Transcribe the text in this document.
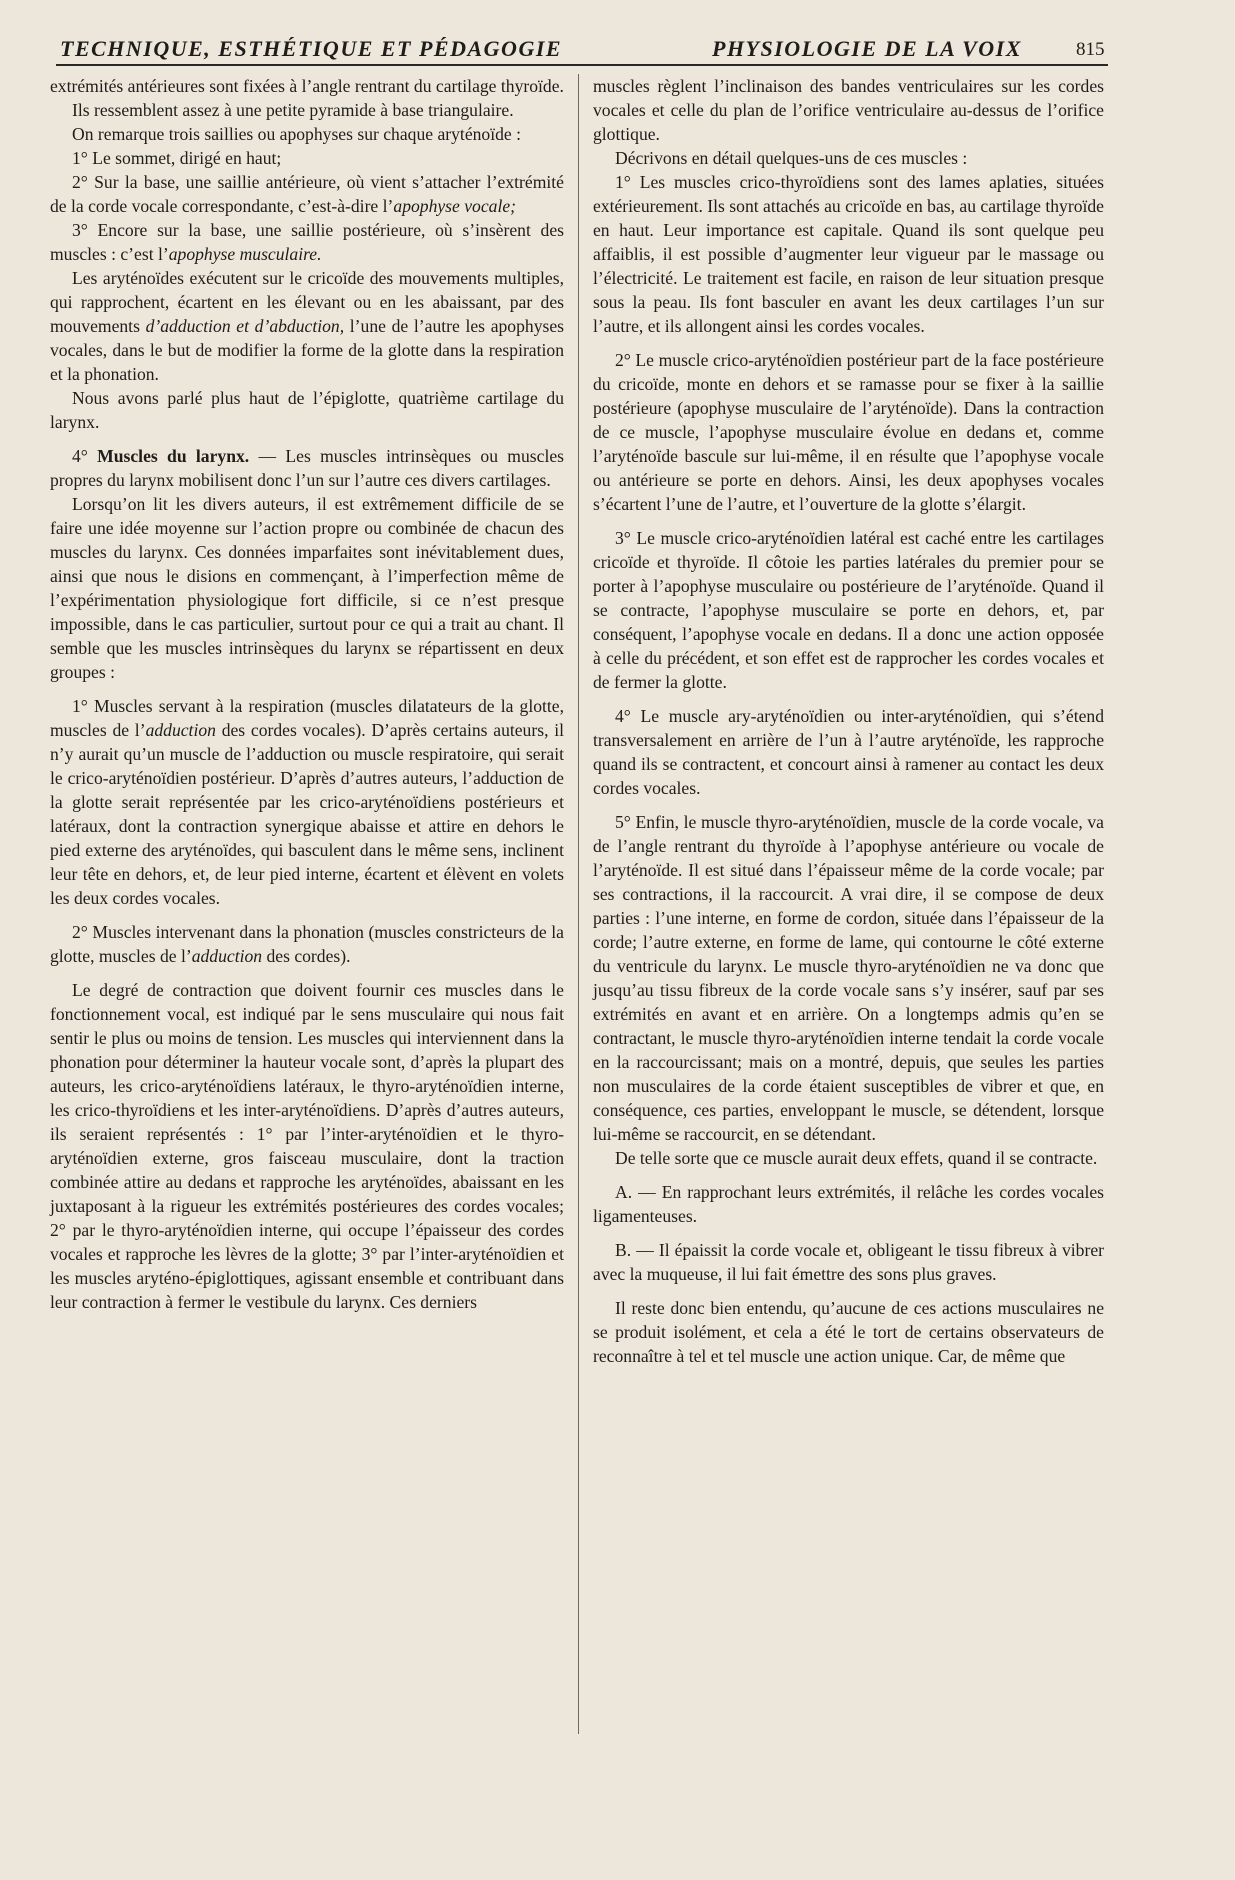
TECHNIQUE, ESTHÉTIQUE ET PÉDAGOGIE	PHYSIOLOGIE DE LA VOIX	815

extrémités antérieures sont fixées à l’angle rentrant du cartilage thyroïde.

Ils ressemblent assez à une petite pyramide à base triangulaire.

On remarque trois saillies ou apophyses sur chaque aryténoïde :

1° Le sommet, dirigé en haut;

2° Sur la base, une saillie antérieure, où vient s’attacher l’extrémité de la corde vocale correspondante, c’est-à-dire l’apophyse vocale;

3° Encore sur la base, une saillie postérieure, où s’insèrent des muscles : c’est l’apophyse musculaire.

Les aryténoïdes exécutent sur le cricoïde des mouvements multiples, qui rapprochent, écartent en les élevant ou en les abaissant, par des mouvements d’adduction et d’abduction, l’une de l’autre les apophyses vocales, dans le but de modifier la forme de la glotte dans la respiration et la phonation.

Nous avons parlé plus haut de l’épiglotte, quatrième cartilage du larynx.

4° Muscles du larynx. — Les muscles intrinsèques ou muscles propres du larynx mobilisent donc l’un sur l’autre ces divers cartilages.

Lorsqu’on lit les divers auteurs, il est extrêmement difficile de se faire une idée moyenne sur l’action propre ou combinée de chacun des muscles du larynx. Ces données imparfaites sont inévitablement dues, ainsi que nous le disions en commençant, à l’imperfection même de l’expérimentation physiologique fort difficile, si ce n’est presque impossible, dans le cas particulier, surtout pour ce qui a trait au chant. Il semble que les muscles intrinsèques du larynx se répartissent en deux groupes :

1° Muscles servant à la respiration (muscles dilatateurs de la glotte, muscles de l’adduction des cordes vocales). D’après certains auteurs, il n’y aurait qu’un muscle de l’adduction ou muscle respiratoire, qui serait le crico-aryténoïdien postérieur. D’après d’autres auteurs, l’adduction de la glotte serait représentée par les crico-aryténoïdiens postérieurs et latéraux, dont la contraction synergique abaisse et attire en dehors le pied externe des aryténoïdes, qui basculent dans le même sens, inclinent leur tête en dehors, et, de leur pied interne, écartent et élèvent en volets les deux cordes vocales.

2° Muscles intervenant dans la phonation (muscles constricteurs de la glotte, muscles de l’adduction des cordes).

Le degré de contraction que doivent fournir ces muscles dans le fonctionnement vocal, est indiqué par le sens musculaire qui nous fait sentir le plus ou moins de tension. Les muscles qui interviennent dans la phonation pour déterminer la hauteur vocale sont, d’après la plupart des auteurs, les crico-aryténoïdiens latéraux, le thyro-aryténoïdien interne, les crico-thyroïdiens et les inter-aryténoïdiens. D’après d’autres auteurs, ils seraient représentés : 1° par l’inter-aryténoïdien et le thyro-aryténoïdien externe, gros faisceau musculaire, dont la traction combinée attire au dedans et rapproche les aryténoïdes, abaissant en les juxtaposant à la rigueur les extrémités postérieures des cordes vocales; 2° par le thyro-aryténoïdien interne, qui occupe l’épaisseur des cordes vocales et rapproche les lèvres de la glotte; 3° par l’inter-aryténoïdien et les muscles aryténo-épiglottiques, agissant ensemble et contribuant dans leur contraction à fermer le vestibule du larynx. Ces derniers

muscles règlent l’inclinaison des bandes ventriculaires sur les cordes vocales et celle du plan de l’orifice ventriculaire au-dessus de l’orifice glottique.

Décrivons en détail quelques-uns de ces muscles :

1° Les muscles crico-thyroïdiens sont des lames aplaties, situées extérieurement. Ils sont attachés au cricoïde en bas, au cartilage thyroïde en haut. Leur importance est capitale. Quand ils sont quelque peu affaiblis, il est possible d’augmenter leur vigueur par le massage ou l’électricité. Le traitement est facile, en raison de leur situation presque sous la peau. Ils font basculer en avant les deux cartilages l’un sur l’autre, et ils allongent ainsi les cordes vocales.

2° Le muscle crico-aryténoïdien postérieur part de la face postérieure du cricoïde, monte en dehors et se ramasse pour se fixer à la saillie postérieure (apophyse musculaire de l’aryténoïde). Dans la contraction de ce muscle, l’apophyse musculaire évolue en dedans et, comme l’aryténoïde bascule sur lui-même, il en résulte que l’apophyse vocale ou antérieure se porte en dehors. Ainsi, les deux apophyses vocales s’écartent l’une de l’autre, et l’ouverture de la glotte s’élargit.

3° Le muscle crico-aryténoïdien latéral est caché entre les cartilages cricoïde et thyroïde. Il côtoie les parties latérales du premier pour se porter à l’apophyse musculaire ou postérieure de l’aryténoïde. Quand il se contracte, l’apophyse musculaire se porte en dehors, et, par conséquent, l’apophyse vocale en dedans. Il a donc une action opposée à celle du précédent, et son effet est de rapprocher les cordes vocales et de fermer la glotte.

4° Le muscle ary-aryténoïdien ou inter-aryténoïdien, qui s’étend transversalement en arrière de l’un à l’autre aryténoïde, les rapproche quand ils se contractent, et concourt ainsi à ramener au contact les deux cordes vocales.

5° Enfin, le muscle thyro-aryténoïdien, muscle de la corde vocale, va de l’angle rentrant du thyroïde à l’apophyse antérieure ou vocale de l’aryténoïde. Il est situé dans l’épaisseur même de la corde vocale; par ses contractions, il la raccourcit. A vrai dire, il se compose de deux parties : l’une interne, en forme de cordon, située dans l’épaisseur de la corde; l’autre externe, en forme de lame, qui contourne le côté externe du ventricule du larynx. Le muscle thyro-aryténoïdien ne va donc que jusqu’au tissu fibreux de la corde vocale sans s’y insérer, sauf par ses extrémités en avant et en arrière. On a longtemps admis qu’en se contractant, le muscle thyro-aryténoïdien interne tendait la corde vocale en la raccourcissant; mais on a montré, depuis, que seules les parties non musculaires de la corde étaient susceptibles de vibrer et que, en conséquence, ces parties, enveloppant le muscle, se détendent, lorsque lui-même se raccourcit, en se détendant.

De telle sorte que ce muscle aurait deux effets, quand il se contracte.

A. — En rapprochant leurs extrémités, il relâche les cordes vocales ligamenteuses.

B. — Il épaissit la corde vocale et, obligeant le tissu fibreux à vibrer avec la muqueuse, il lui fait émettre des sons plus graves.

Il reste donc bien entendu, qu’aucune de ces actions musculaires ne se produit isolément, et cela a été le tort de certains observateurs de reconnaître à tel et tel muscle une action unique. Car, de même que
